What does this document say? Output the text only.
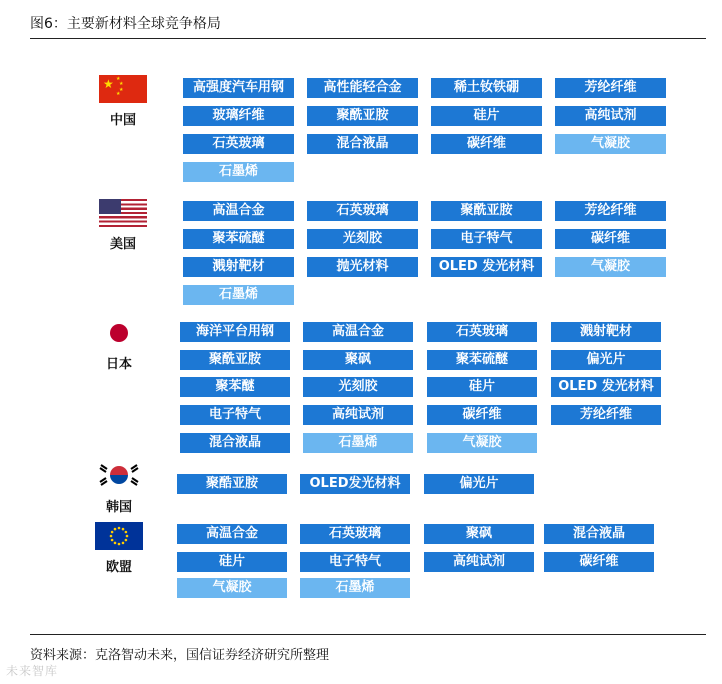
图6：主要新材料全球竞争格局
★ ★
★
★
★
中国
美国
日本
韩国
欧盟
高强度汽车用钢	高性能轻合金	稀土钕铁硼	芳纶纤维
玻璃纤维	聚酰亚胺	硅片	高纯试剂
石英玻璃	混合液晶	碳纤维	气凝胶
石墨烯
高温合金	石英玻璃	聚酰亚胺	芳纶纤维
聚苯硫醚	光刻胶	电子特气	碳纤维
溅射靶材	抛光材料	OLED 发光材料	气凝胶
石墨烯
海洋平台用钢	高温合金	石英玻璃	溅射靶材
聚酰亚胺	聚砜	聚苯硫醚	偏光片
聚苯醚	光刻胶	硅片	OLED 发光材料
电子特气	高纯试剂	碳纤维	芳纶纤维
混合液晶	石墨烯	气凝胶
聚酷亚胺	OLED发光材料	偏光片
高温合金	石英玻璃	聚砜	混合液晶
硅片	电子特气	高纯试剂	碳纤维
气凝胶	石墨烯
资料来源：克洛智动未来，国信证券经济研究所整理
未来智库
